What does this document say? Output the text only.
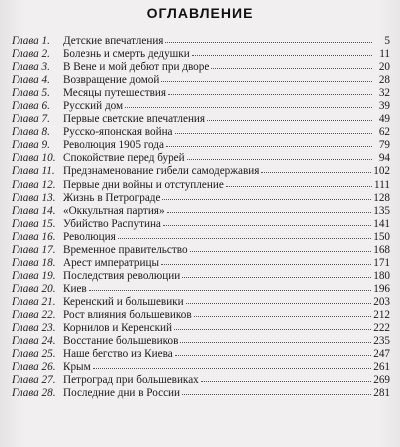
ОГЛАВЛЕНИЕ
Глава 1.	Детские впечатления	5
Глава 2.	Болезнь и смерть дедушки	11
Глава 3.	В Вене и мой дебют при дворе	20
Глава 4.	Возвращение домой	28
Глава 5.	Месяцы путешествия	32
Глава 6.	Русский дом	39
Глава 7.	Первые светские впечатления	49
Глава 8.	Русско-японская война	62
Глава 9.	Революция 1905 года	79
Глава 10. Спокойствие перед бурей	94
Глава 11. Предзнаменование гибели самодержавия	102
Глава 12. Первые дни войны и отступление	111
Глава 13. Жизнь в Петрограде	128
Глава 14. «Оккультная партия»	135
Глава 15. Убийство Распутина	141
Глава 16. Революция	150
Глава 17. Временное правительство	168
Глава 18. Арест императрицы	171
Глава 19. Последствия революции	180
Глава 20. Киев	196
Глава 21. Керенский и большевики	203
Глава 22. Рост влияния большевиков	212
Глава 23. Корнилов и Керенский	222
Глава 24. Восстание большевиков	235
Глава 25. Наше бегство из Киева	247
Глава 26. Крым	261
Глава 27. Петроград при большевиках	269
Глава 28. Последние дни в России	281
